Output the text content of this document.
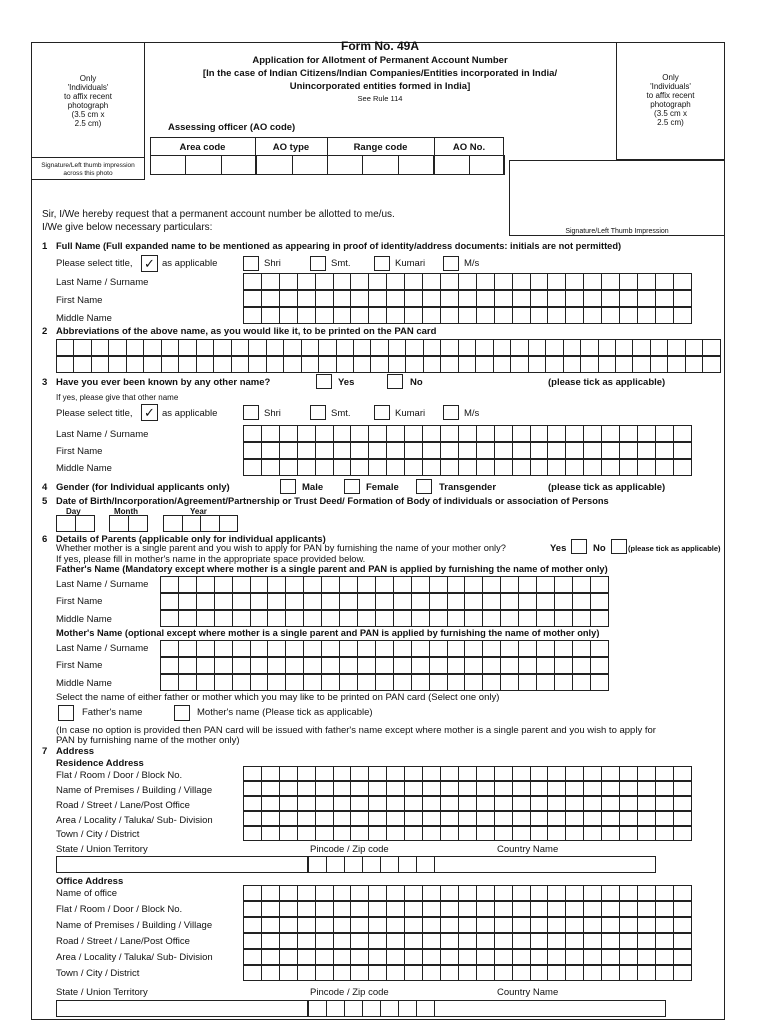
Only
'Individuals'
to affix recent
photograph
(3.5 cm x
2.5 cm)
Signature/Left thumb impression
across this photo
Only
'Individuals'
to affix recent
photograph
(3.5 cm x
2.5 cm)
Signature/Left Thumb Impression
Form No. 49A
Application for Allotment of Permanent Account Number
[In the case of Indian Citizens/Indian Companies/Entities incorporated in India/
Unincorporated entities formed in India]
See Rule 114
Assessing officer (AO code)
Area code	AO type	Range code	AO No.
Sir, I/We hereby request that a permanent account number be allotted to me/us.
I/We give below necessary particulars:
1 Full Name (Full expanded name to be mentioned as appearing in proof of identity/address documents: initials are not permitted)
Please select title, ✓ as applicable	Shri	Smt.	Kumari	M/s
Last Name / Surname
First Name
Middle Name
2 Abbreviations of the above name, as you would like it, to be printed on the PAN card
3 Have you ever been known by any other name?	Yes	No	(please tick as applicable)
If yes, please give that other name
Please select title, ✓ as applicable	Shri	Smt.	Kumari	M/s
Last Name / Surname
First Name
Middle Name
4 Gender (for Individual applicants only)	Male	Female	Transgender	(please tick as applicable)
5 Date of Birth/Incorporation/Agreement/Partnership or Trust Deed/ Formation of Body of individuals or association of Persons
Day	Month	Year
6 Details of Parents (applicable only for individual applicants)
Whether mother is a single parent and you wish to apply for PAN by furnishing the name of your mother only?	Yes	No	(please tick as applicable)
If yes, please fill in mother's name in the appropriate space provided below.
Father's Name (Mandatory except where mother is a single parent and PAN is applied by furnishing the name of mother only)
Last Name / Surname
First Name
Middle Name
Mother's Name (optional except where mother is a single parent and PAN is applied by furnishing the name of mother only)
Last Name / Surname
First Name
Middle Name
Select the name of either father or mother which you may like to be printed on PAN card (Select one only)
Father's name	Mother's name (Please tick as applicable)
(In case no option is provided then PAN card will be issued with father's name except where mother is a single parent and you wish to apply for
PAN by furnishing name of the mother only)
7 Address
Residence Address
Flat / Room / Door / Block No.
Name of Premises / Building / Village
Road / Street / Lane/Post Office
Area / Locality / Taluka/ Sub- Division
Town / City / District
State / Union Territory	Pincode / Zip code	Country Name
Office Address
Name of office
Flat / Room / Door / Block No.
Name of Premises / Building / Village
Road / Street / Lane/Post Office
Area / Locality / Taluka/ Sub- Division
Town / City / District
State / Union Territory	Pincode / Zip code	Country Name
